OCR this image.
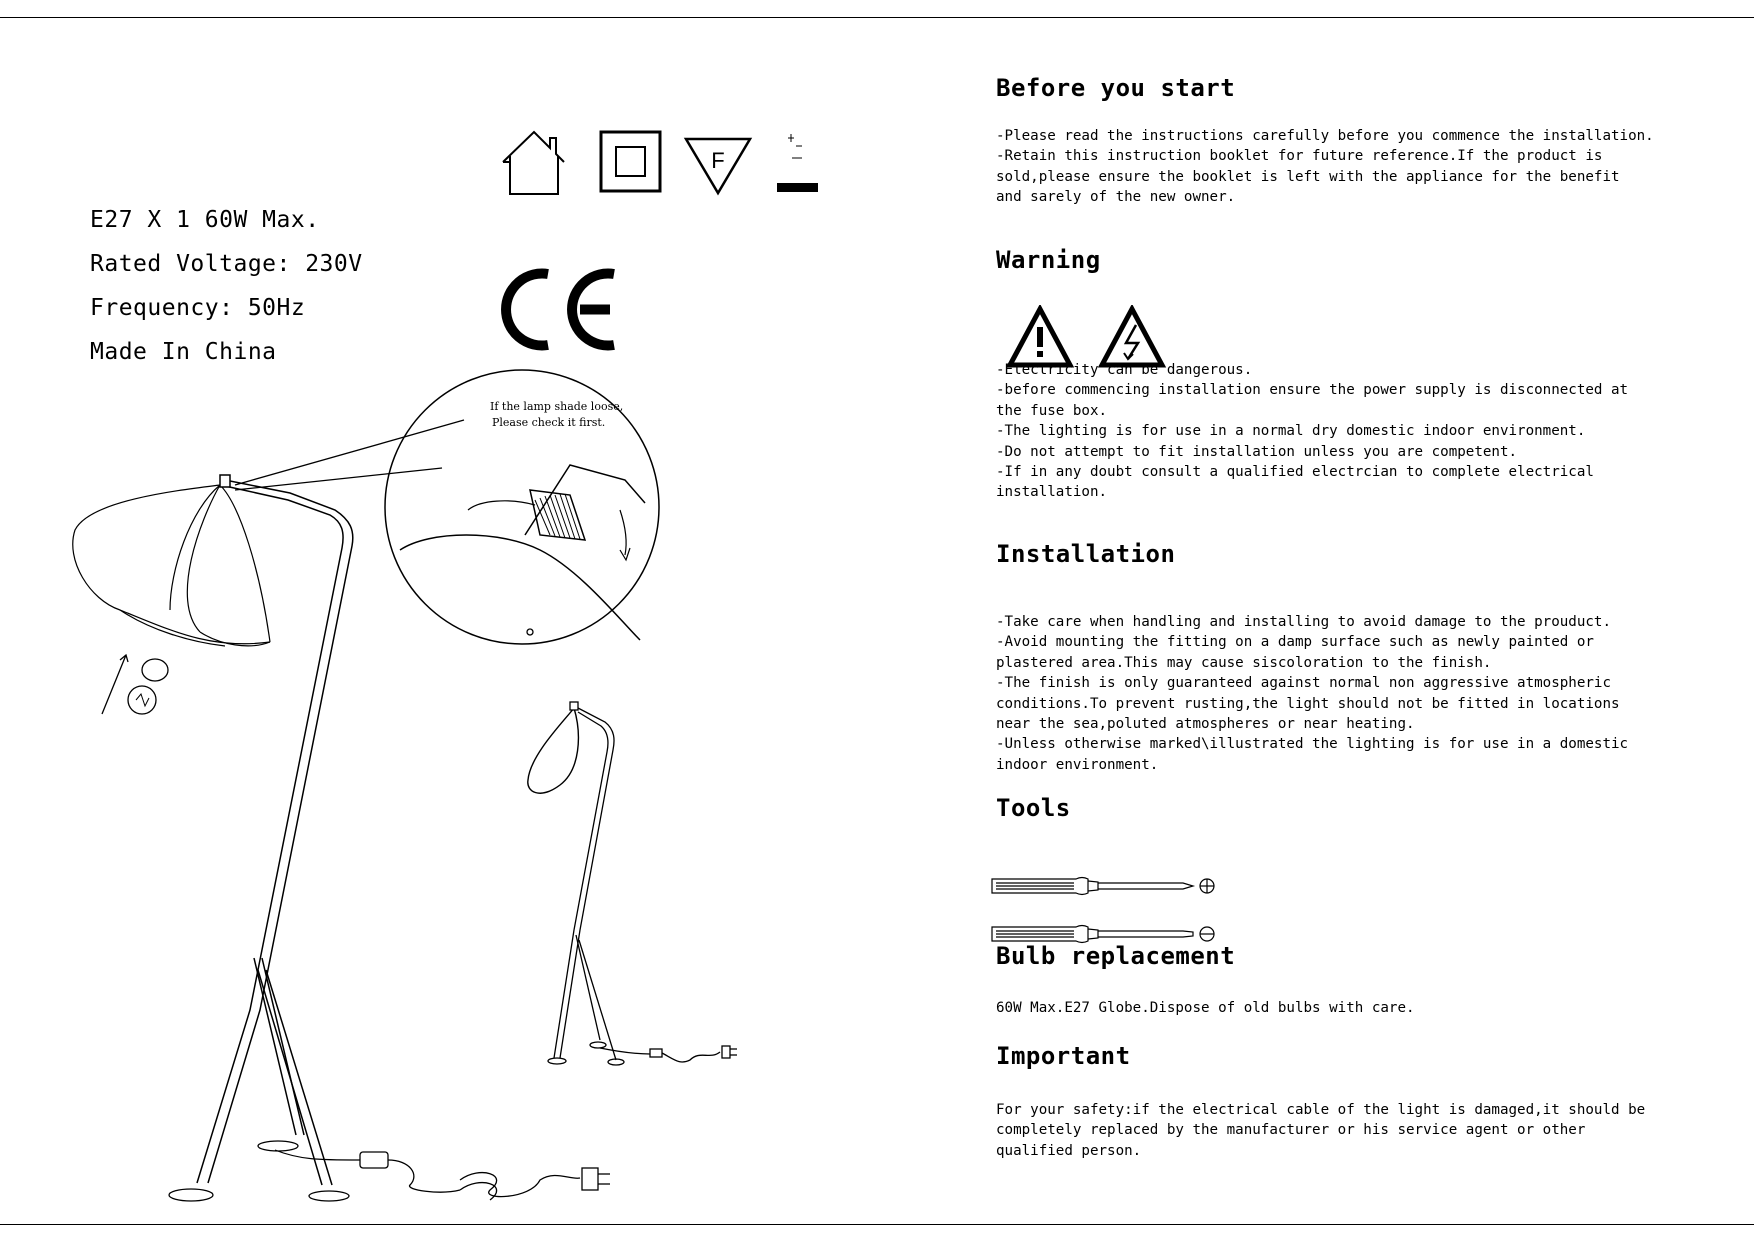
E27 X 1 60W Max.
Rated Voltage: 230V
Frequency: 50Hz
Made In China
F
If the lamp shade loose,
Please check it first.
Before you start
-Please read the instructions carefully before you commence the installation.
-Retain this instruction booklet for future reference.If the product is
sold,please ensure the booklet is left with the appliance for the benefit
and sarely of the new owner.
Warning
-Electricity can be dangerous.
-before commencing installation ensure the power supply is disconnected at
the fuse box.
-The lighting is for use in a normal dry domestic indoor environment.
-Do not attempt to fit installation unless you are competent.
-If in any doubt consult a qualified electrcian to complete electrical
installation.
Installation
-Take care when handling and installing to avoid damage to the prouduct.
-Avoid mounting the fitting on a damp surface such as newly painted or
plastered area.This may cause siscoloration to the finish.
-The finish is only guaranteed against normal non aggressive atmospheric
conditions.To prevent rusting,the light should not be fitted in locations
near the sea,poluted atmospheres or near heating.
-Unless otherwise marked\illustrated the lighting is for use in a domestic
indoor environment.
Tools
Bulb replacement
60W Max.E27 Globe.Dispose of old bulbs with care.
Important
For your safety:if the electrical cable of the light is damaged,it should be
completely replaced by the manufacturer or his service agent or other
qualified person.
